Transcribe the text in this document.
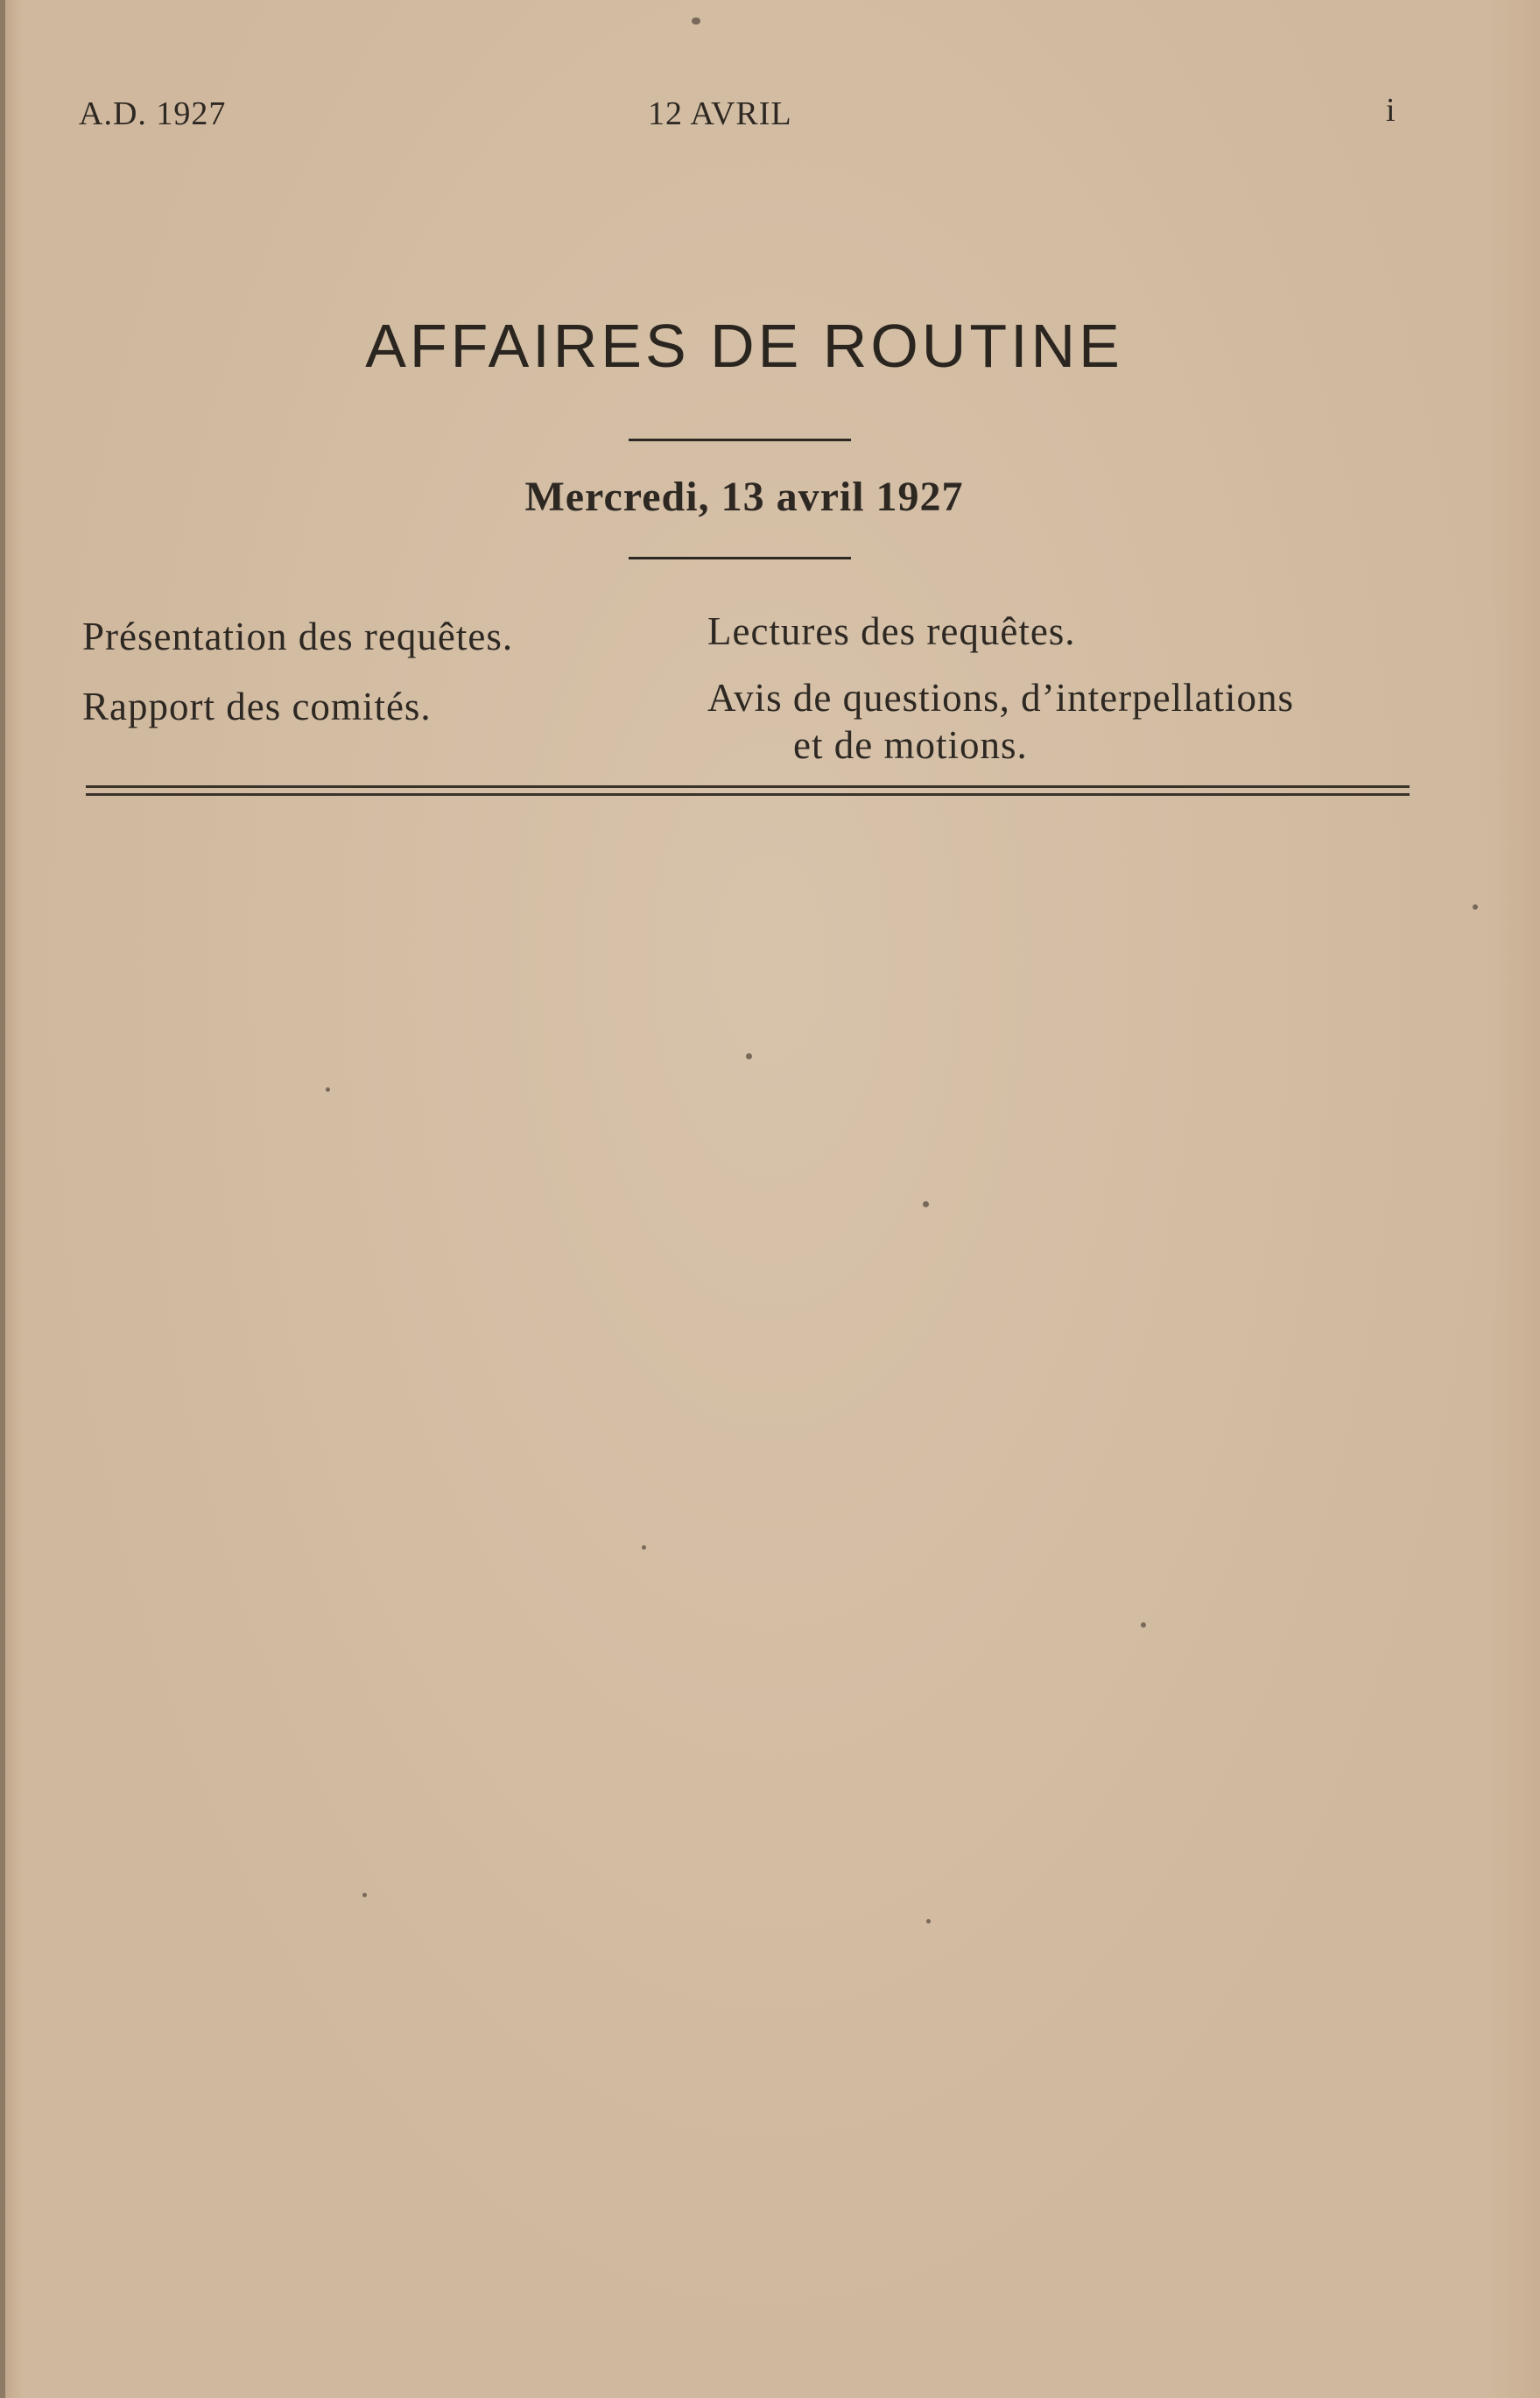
A.D. 1927	12 AVRIL	i
AFFAIRES DE ROUTINE
Mercredi, 13 avril 1927
Présentation des requêtes.
Rapport des comités.
Lectures des requêtes.
Avis de questions, d’interpellations
et de motions.
